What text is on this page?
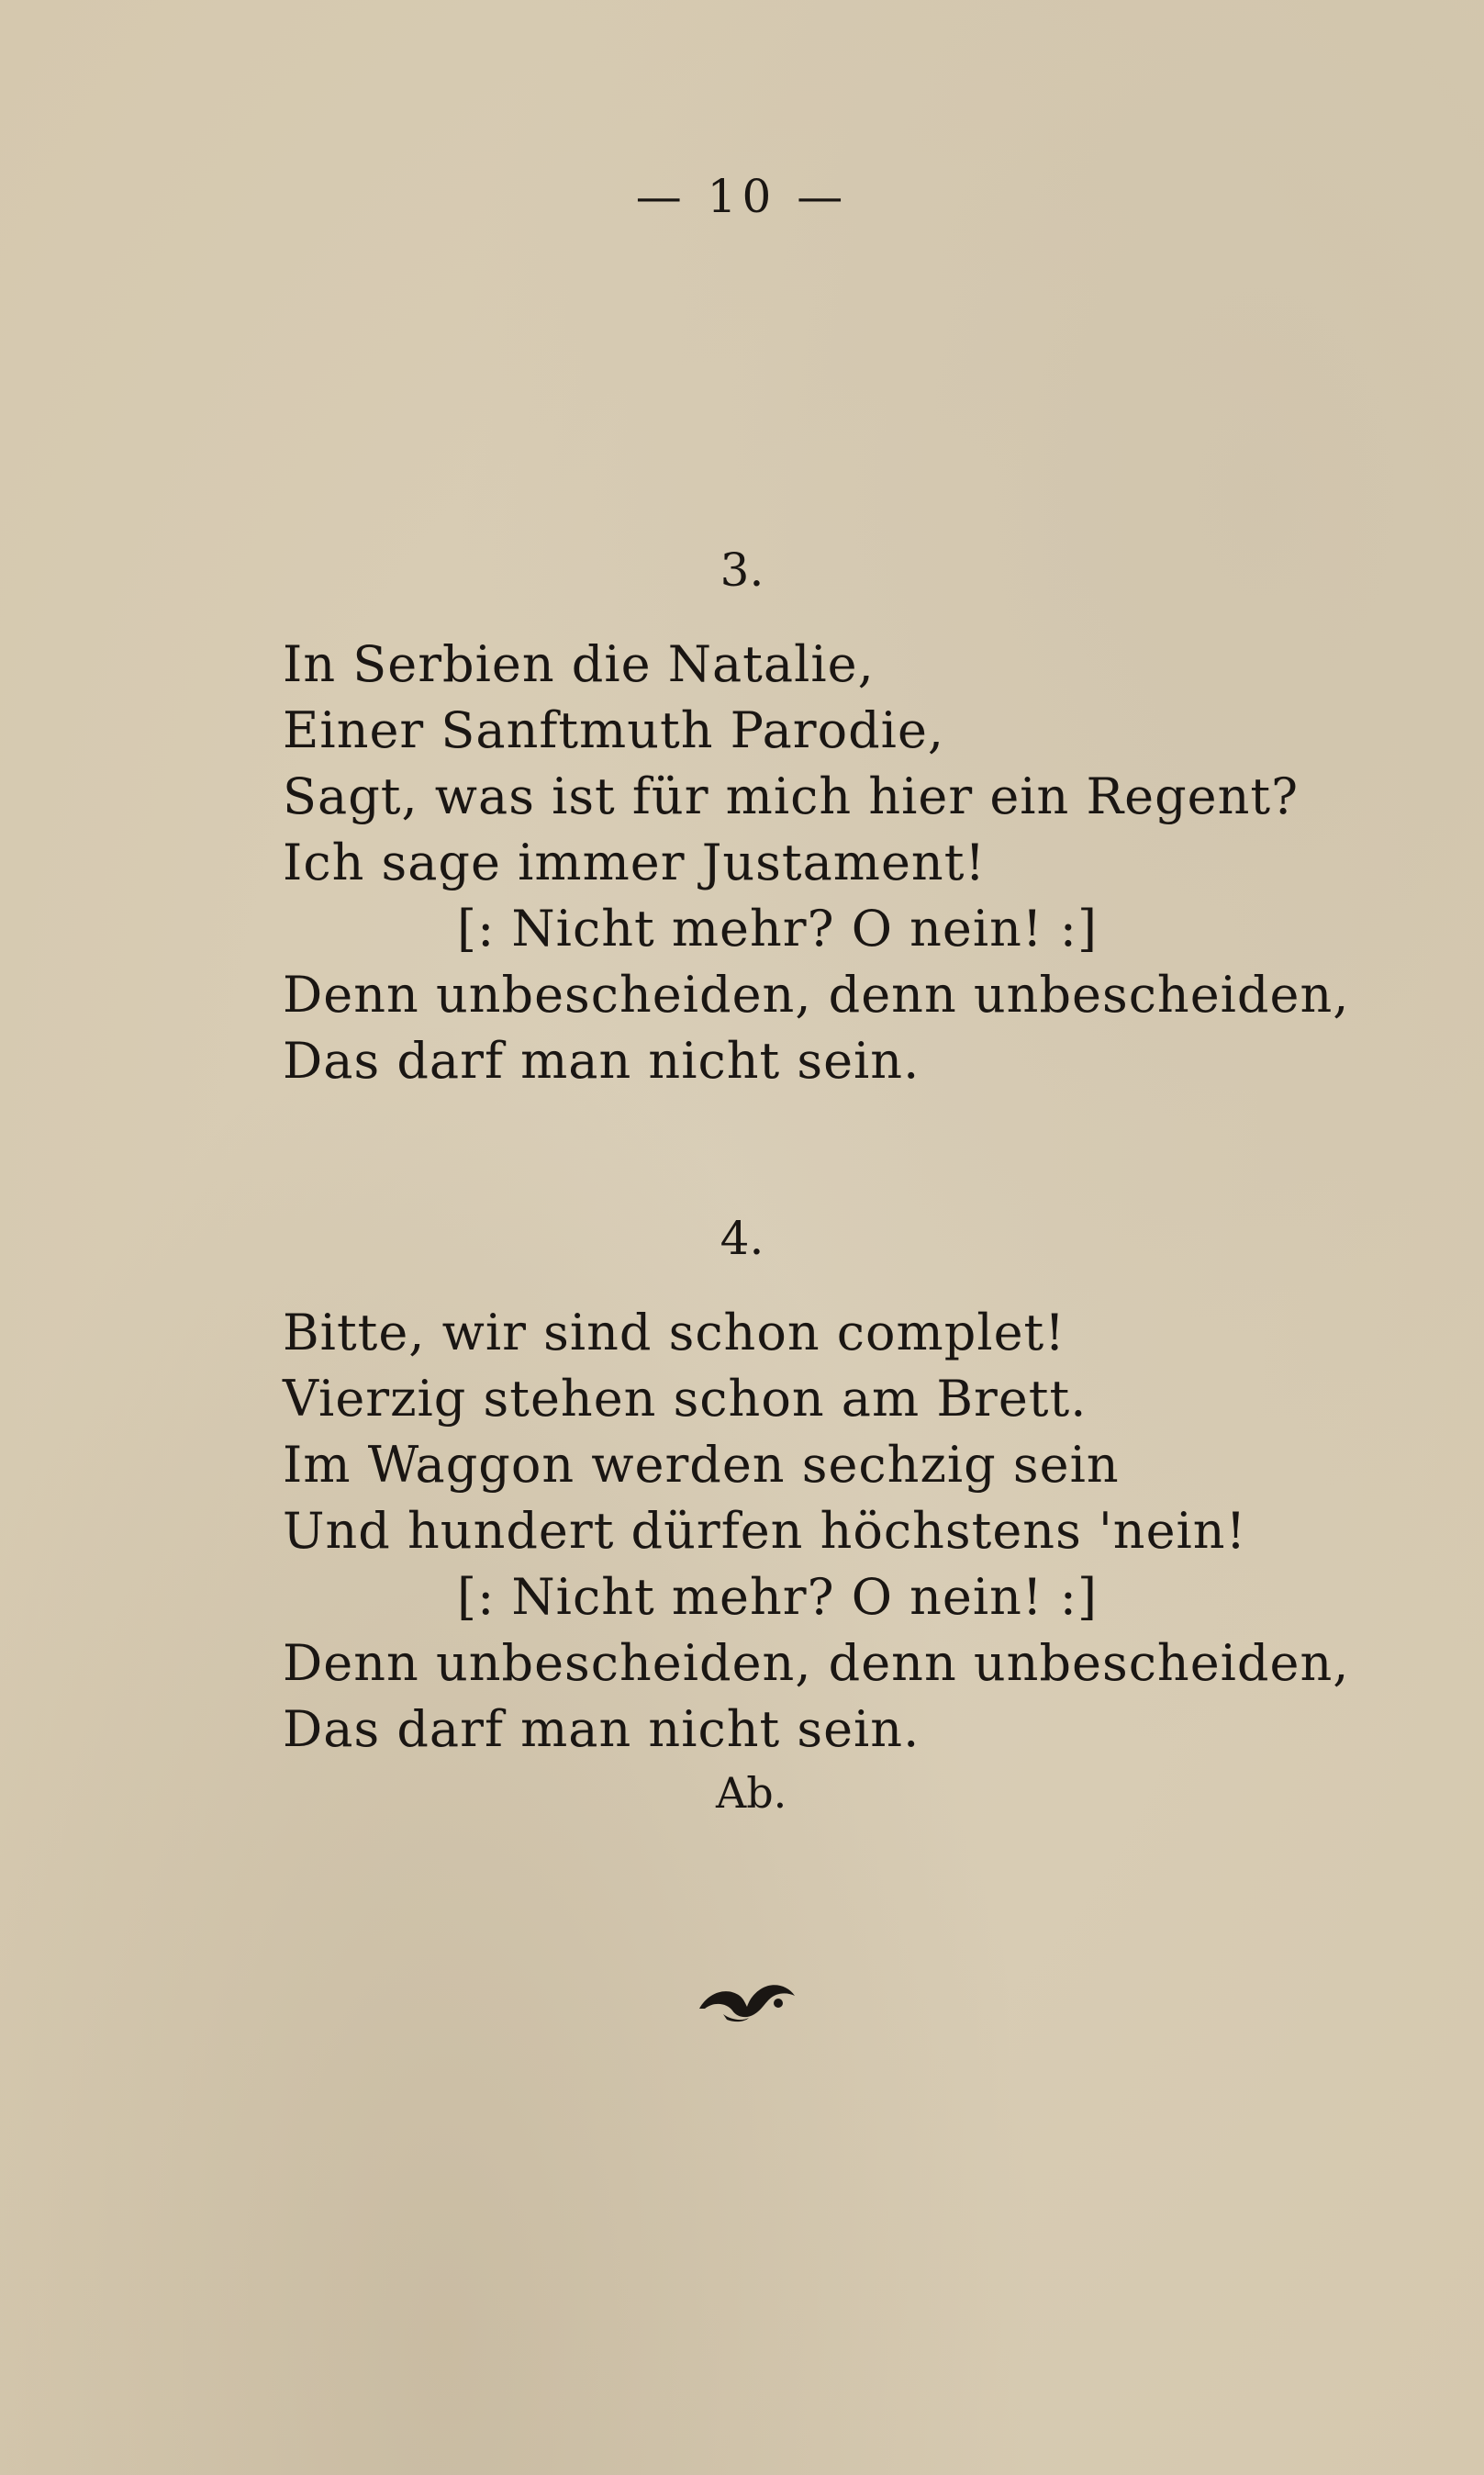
— 10 —
3.
In Serbien die Natalie,
Einer Sanftmuth Parodie,
Sagt, was ist für mich hier ein Regent?
Ich sage immer Justament!
[: Nicht mehr? O nein! :]
Denn unbescheiden, denn unbescheiden,
Das darf man nicht sein.
4.
Bitte, wir sind schon complet!
Vierzig stehen schon am Brett.
Im Waggon werden sechzig sein
Und hundert dürfen höchstens 'nein!
[: Nicht mehr? O nein! :]
Denn unbescheiden, denn unbescheiden,
Das darf man nicht sein.
Ab.
